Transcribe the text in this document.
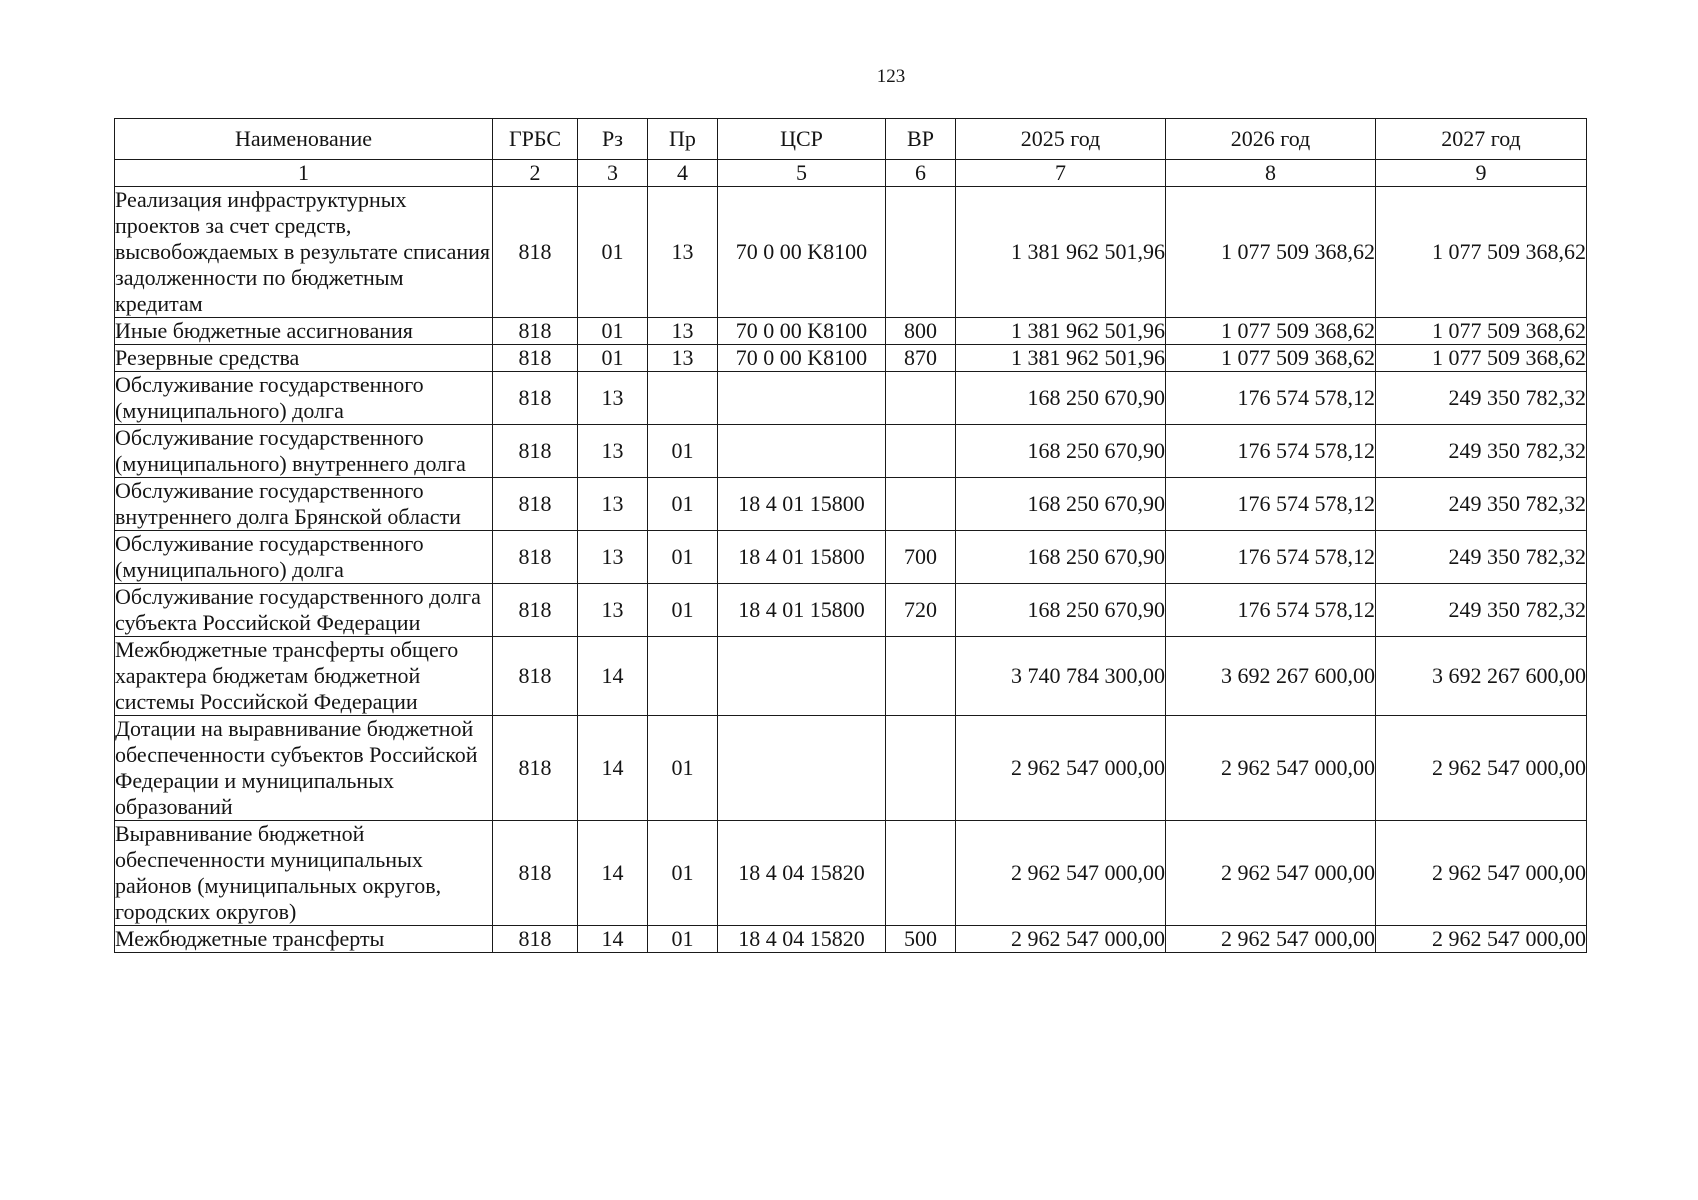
123
Наименование	ГРБС	Рз	Пр	ЦСР	ВР	2025 год	2026 год	2027 год
1	2	3	4	5	6	7	8	9
Реализация инфраструктурных проектов за счет средств, высвобождаемых в результате списания задолженности по бюджетным кредитам	818	01	13	70 0 00 K8100		1 381 962 501,96	1 077 509 368,62	1 077 509 368,62
Иные бюджетные ассигнования	818	01	13	70 0 00 K8100	800	1 381 962 501,96	1 077 509 368,62	1 077 509 368,62
Резервные средства	818	01	13	70 0 00 K8100	870	1 381 962 501,96	1 077 509 368,62	1 077 509 368,62
Обслуживание государственного (муниципального) долга	818	13				168 250 670,90	176 574 578,12	249 350 782,32
Обслуживание государственного (муниципального) внутреннего долга	818	13	01			168 250 670,90	176 574 578,12	249 350 782,32
Обслуживание государственного внутреннего долга Брянской области	818	13	01	18 4 01 15800		168 250 670,90	176 574 578,12	249 350 782,32
Обслуживание государственного (муниципального) долга	818	13	01	18 4 01 15800	700	168 250 670,90	176 574 578,12	249 350 782,32
Обслуживание государственного долга субъекта Российской Федерации	818	13	01	18 4 01 15800	720	168 250 670,90	176 574 578,12	249 350 782,32
Межбюджетные трансферты общего характера бюджетам бюджетной системы Российской Федерации	818	14				3 740 784 300,00	3 692 267 600,00	3 692 267 600,00
Дотации на выравнивание бюджетной обеспеченности субъектов Российской Федерации и муниципальных образований	818	14	01			2 962 547 000,00	2 962 547 000,00	2 962 547 000,00
Выравнивание бюджетной обеспеченности муниципальных районов (муниципальных округов, городских округов)	818	14	01	18 4 04 15820		2 962 547 000,00	2 962 547 000,00	2 962 547 000,00
Межбюджетные трансферты	818	14	01	18 4 04 15820	500	2 962 547 000,00	2 962 547 000,00	2 962 547 000,00
